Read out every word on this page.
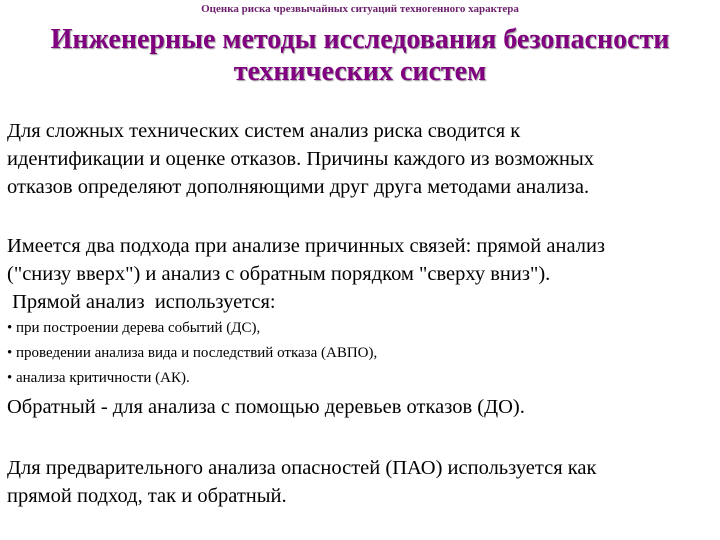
Оценка риска чрезвычайных ситуаций техногенного характера
Инженерные методы исследования безопасности
технических систем
Для сложных технических систем анализ риска сводится к
идентификации и оценке отказов. Причины каждого из возможных
отказов определяют дополняющими друг друга методами анализа.
Имеется два подхода при анализе причинных связей: прямой анализ
("снизу вверх") и анализ с обратным порядком "сверху вниз").
Прямой анализ  используется:
• при построении дерева событий (ДС),
• проведении анализа вида и последствий отказа (АВПО),
• анализа критичности (АК).
Обратный - для анализа с помощью деревьев отказов (ДО).
Для предварительного анализа опасностей (ПАО) используется как
прямой подход, так и обратный.
